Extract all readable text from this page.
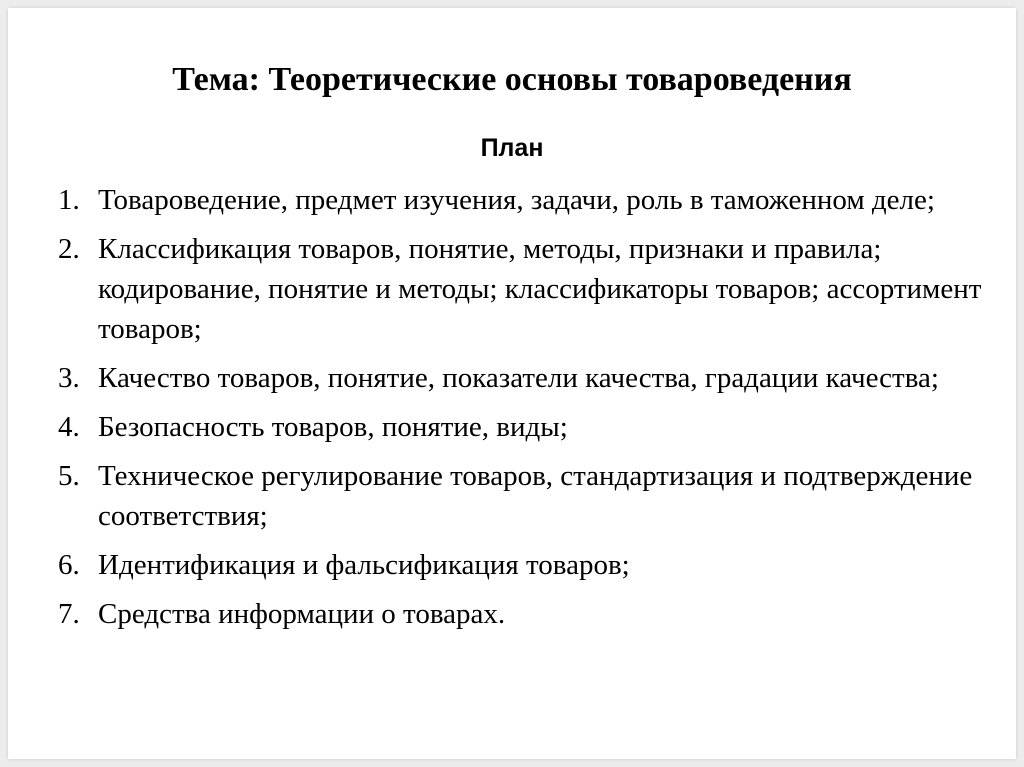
Тема: Теоретические основы товароведения
План
1. Товароведение, предмет изучения, задачи, роль в таможенном деле;
2. Классификация товаров, понятие, методы, признаки и правила; кодирование, понятие и методы; классификаторы товаров; ассортимент товаров;
3. Качество товаров, понятие, показатели качества, градации качества;
4. Безопасность товаров, понятие, виды;
5. Техническое регулирование товаров, стандартизация и подтверждение соответствия;
6. Идентификация и фальсификация товаров;
7. Средства информации о товарах.
